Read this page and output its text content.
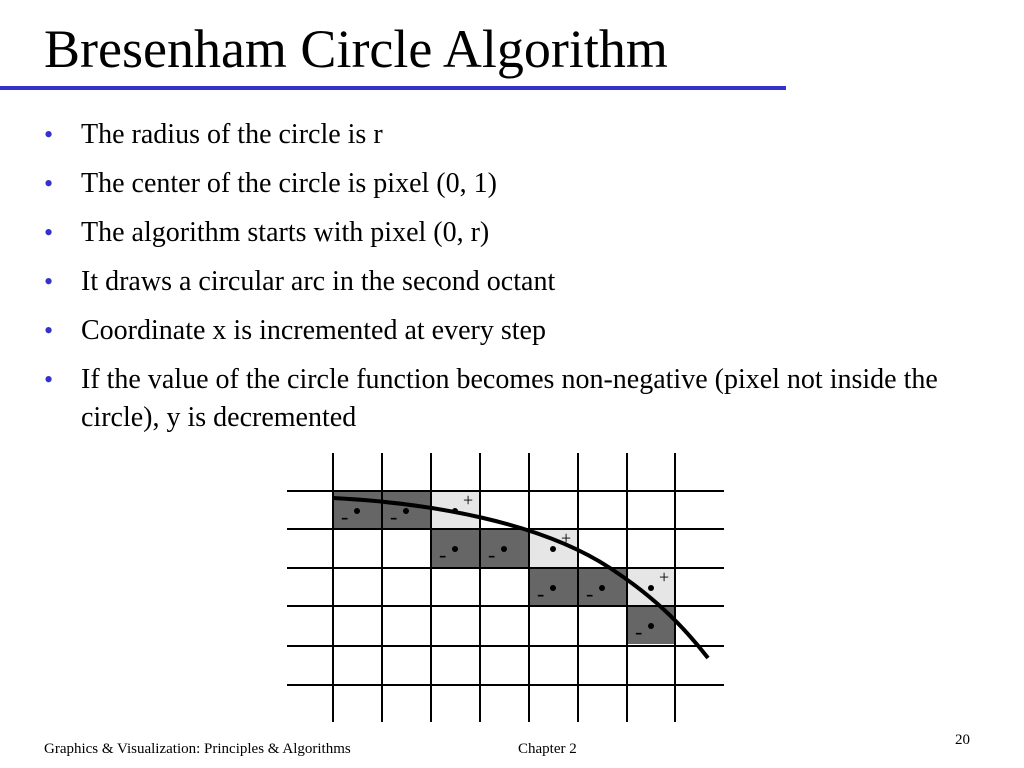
Bresenham Circle Algorithm
• The radius of the circle is r
• The center of the circle is pixel (0, 1)
• The algorithm starts with pixel (0, r)
• It draws a circular arc in the second octant
• Coordinate x is incremented at every step
• If the value of the circle function becomes non-negative (pixel not inside the circle), y is decremented
- -
+
- -
+
- -
+
-
Graphics & Visualization: Principles & Algorithms	Chapter 2
20
